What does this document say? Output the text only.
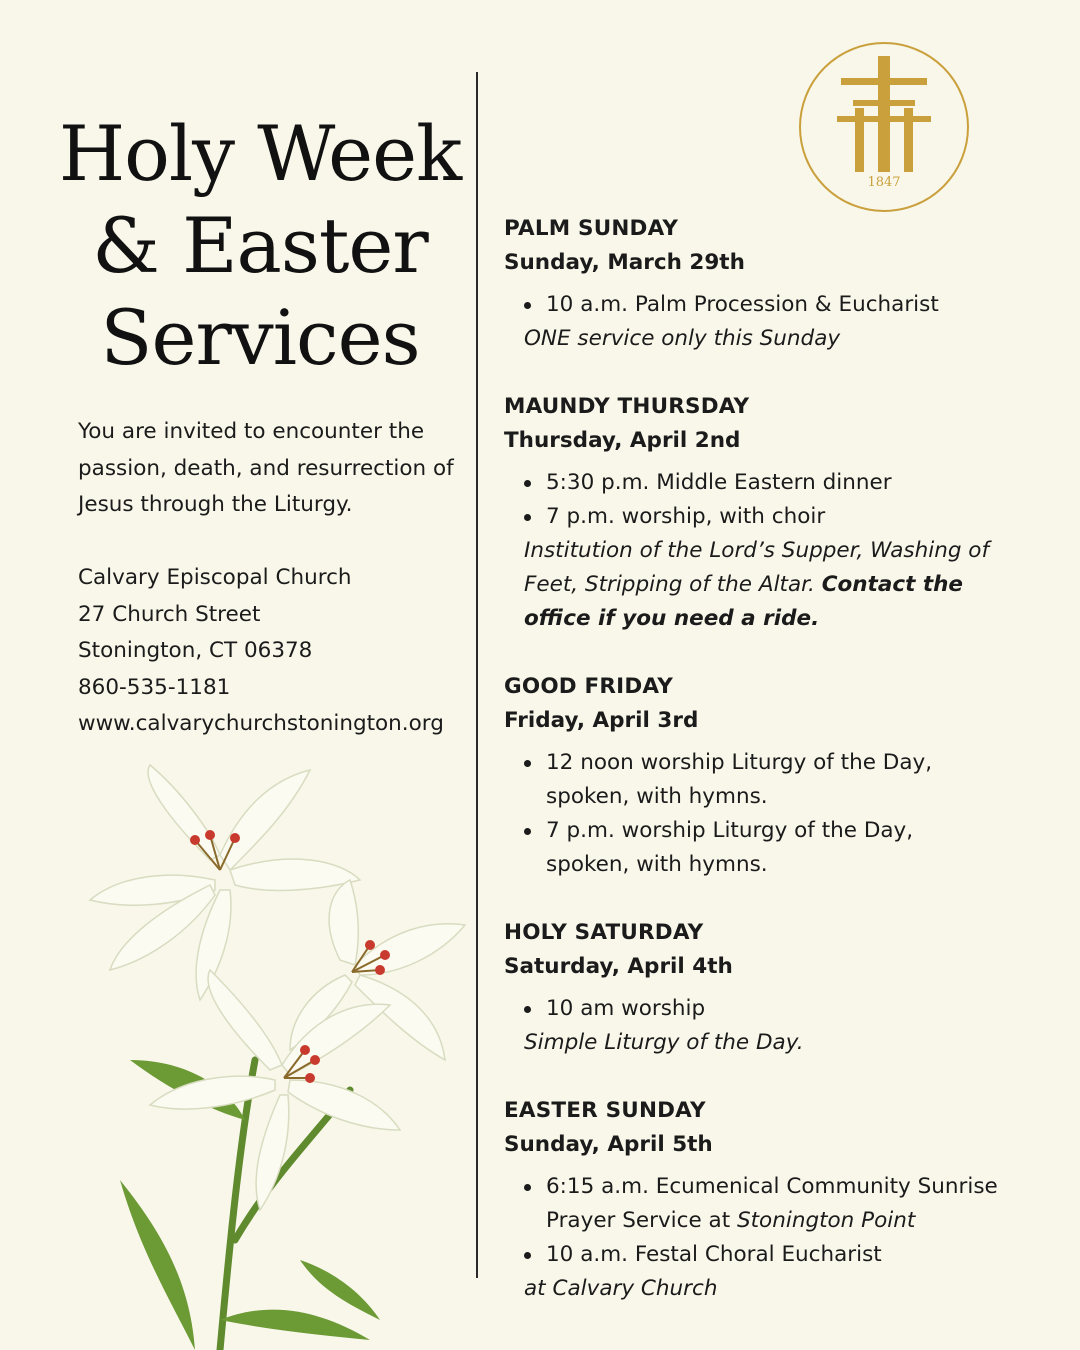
Holy Week
& Easter
Services

You are invited to encounter the passion, death, and resurrection of Jesus through the Liturgy.

Calvary Episcopal Church
27 Church Street
Stonington, CT 06378
860-535-1181
www.calvarychurchstonington.org
1847
PALM SUNDAY
Sunday, March 29th
10 a.m. Palm Procession & Eucharist
ONE service only this Sunday
MAUNDY THURSDAY
Thursday, April 2nd
5:30 p.m. Middle Eastern dinner
7 p.m. worship, with choir
Institution of the Lord’s Supper, Washing of
Feet, Stripping of the Altar. Contact the
office if you need a ride.
GOOD FRIDAY
Friday, April 3rd
12 noon worship Liturgy of the Day, spoken, with hymns.
7 p.m. worship Liturgy of the Day, spoken, with hymns.
HOLY SATURDAY
Saturday, April 4th
10 am worship
Simple Liturgy of the Day.
EASTER SUNDAY
Sunday, April 5th
6:15 a.m. Ecumenical Community Sunrise Prayer Service at Stonington Point
10 a.m. Festal Choral Eucharist
at Calvary Church
